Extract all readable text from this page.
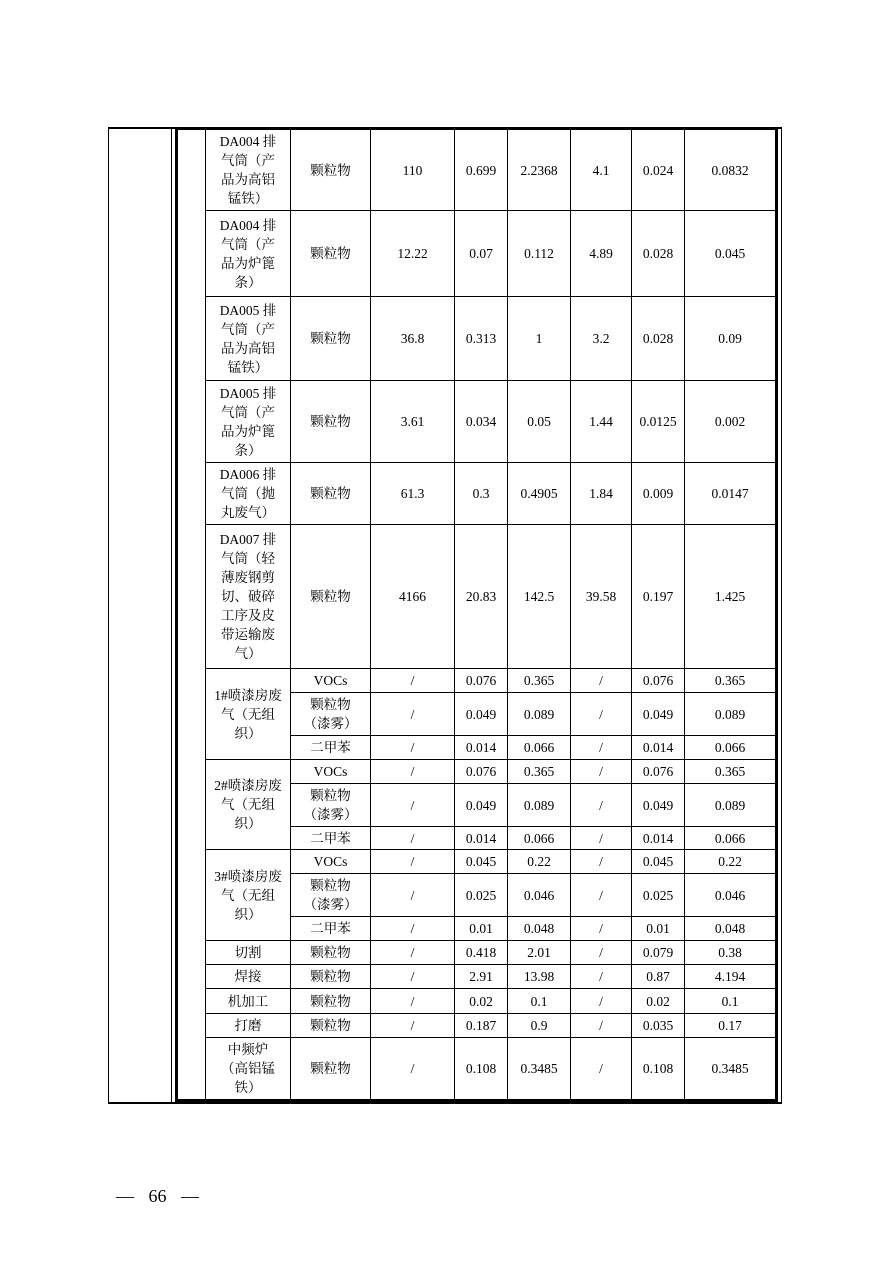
	DA004 排气筒（产品为高铝锰铁）	颗粒物	110	0.699	2.2368	4.1	0.024	0.0832
	DA004 排气筒（产品为炉篦条）	颗粒物	12.22	0.07	0.112	4.89	0.028	0.045
	DA005 排气筒（产品为高铝锰铁）	颗粒物	36.8	0.313	1	3.2	0.028	0.09
	DA005 排气筒（产品为炉篦条）	颗粒物	3.61	0.034	0.05	1.44	0.0125	0.002
	DA006 排气筒（抛丸废气）	颗粒物	61.3	0.3	0.4905	1.84	0.009	0.0147
	DA007 排气筒（轻薄废钢剪切、破碎工序及皮带运输废气）	颗粒物	4166	20.83	142.5	39.58	0.197	1.425
	1#喷漆房废气（无组织）	VOCs	/	0.076	0.365	/	0.076	0.365
		颗粒物（漆雾）	/	0.049	0.089	/	0.049	0.089
		二甲苯	/	0.014	0.066	/	0.014	0.066
	2#喷漆房废气（无组织）	VOCs	/	0.076	0.365	/	0.076	0.365
		颗粒物（漆雾）	/	0.049	0.089	/	0.049	0.089
		二甲苯	/	0.014	0.066	/	0.014	0.066
	3#喷漆房废气（无组织）	VOCs	/	0.045	0.22	/	0.045	0.22
		颗粒物（漆雾）	/	0.025	0.046	/	0.025	0.046
		二甲苯	/	0.01	0.048	/	0.01	0.048
	切割	颗粒物	/	0.418	2.01	/	0.079	0.38
	焊接	颗粒物	/	2.91	13.98	/	0.87	4.194
	机加工	颗粒物	/	0.02	0.1	/	0.02	0.1
	打磨	颗粒物	/	0.187	0.9	/	0.035	0.17
	中频炉（高铝锰铁）	颗粒物	/	0.108	0.3485	/	0.108	0.3485
— 66 —
